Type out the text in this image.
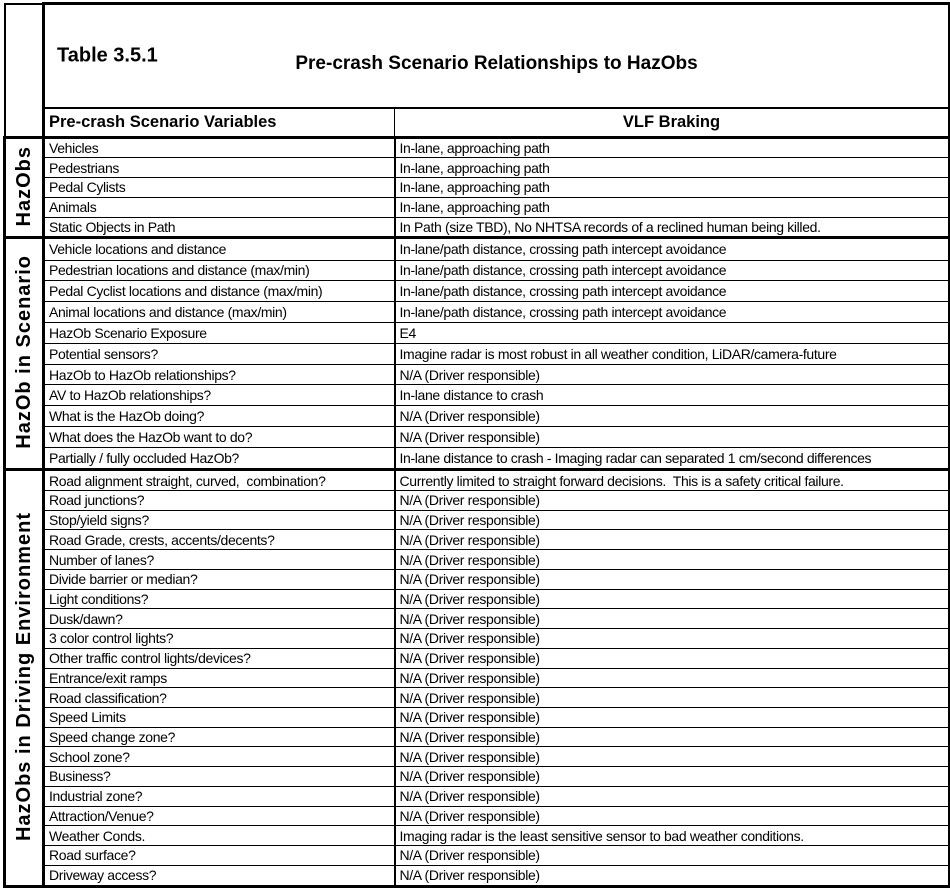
	Table 3.5.1

Pre-crash Scenario Relationships to HazObs	

	Pre-crash Scenario Variables	VLF Braking
HazObs	Vehicles	In-lane, approaching path
	Pedestrians	In-lane, approaching path
	Pedal Cylists	In-lane, approaching path
	Animals	In-lane, approaching path
	Static Objects in Path	In Path (size TBD), No NHTSA records of a reclined human being killed.
HazOb in Scenario	Vehicle locations and distance	In-lane/path distance, crossing path intercept avoidance
	Pedestrian locations and distance (max/min)	In-lane/path distance, crossing path intercept avoidance
	Pedal Cyclist locations and distance (max/min)	In-lane/path distance, crossing path intercept avoidance
	Animal locations and distance (max/min)	In-lane/path distance, crossing path intercept avoidance
	HazOb Scenario Exposure	E4
	Potential sensors?	Imagine radar is most robust in all weather condition, LiDAR/camera-future
	HazOb to HazOb relationships?	N/A (Driver responsible)
	AV to HazOb relationships?	In-lane distance to crash
	What is the HazOb doing?	N/A (Driver responsible)
	What does the HazOb want to do?	N/A (Driver responsible)
	Partially / fully occluded HazOb?	In-lane distance to crash - Imaging radar can separated 1 cm/second differences
HazObs in Driving Environment	Road alignment straight, curved,  combination?	Currently limited to straight forward decisions.  This is a safety critical failure.
	Road junctions?	N/A (Driver responsible)
	Stop/yield signs?	N/A (Driver responsible)
	Road Grade, crests, accents/decents?	N/A (Driver responsible)
	Number of lanes?	N/A (Driver responsible)
	Divide barrier or median?	N/A (Driver responsible)
	Light conditions?	N/A (Driver responsible)
	Dusk/dawn?	N/A (Driver responsible)
	3 color control lights?	N/A (Driver responsible)
	Other traffic control lights/devices?	N/A (Driver responsible)
	Entrance/exit ramps	N/A (Driver responsible)
	Road classification?	N/A (Driver responsible)
	Speed Limits	N/A (Driver responsible)
	Speed change zone?	N/A (Driver responsible)
	School zone?	N/A (Driver responsible)
	Business?	N/A (Driver responsible)
	Industrial zone?	N/A (Driver responsible)
	Attraction/Venue?	N/A (Driver responsible)
	Weather Conds.	Imaging radar is the least sensitive sensor to bad weather conditions.
	Road surface?	N/A (Driver responsible)
	Driveway access?	N/A (Driver responsible)
